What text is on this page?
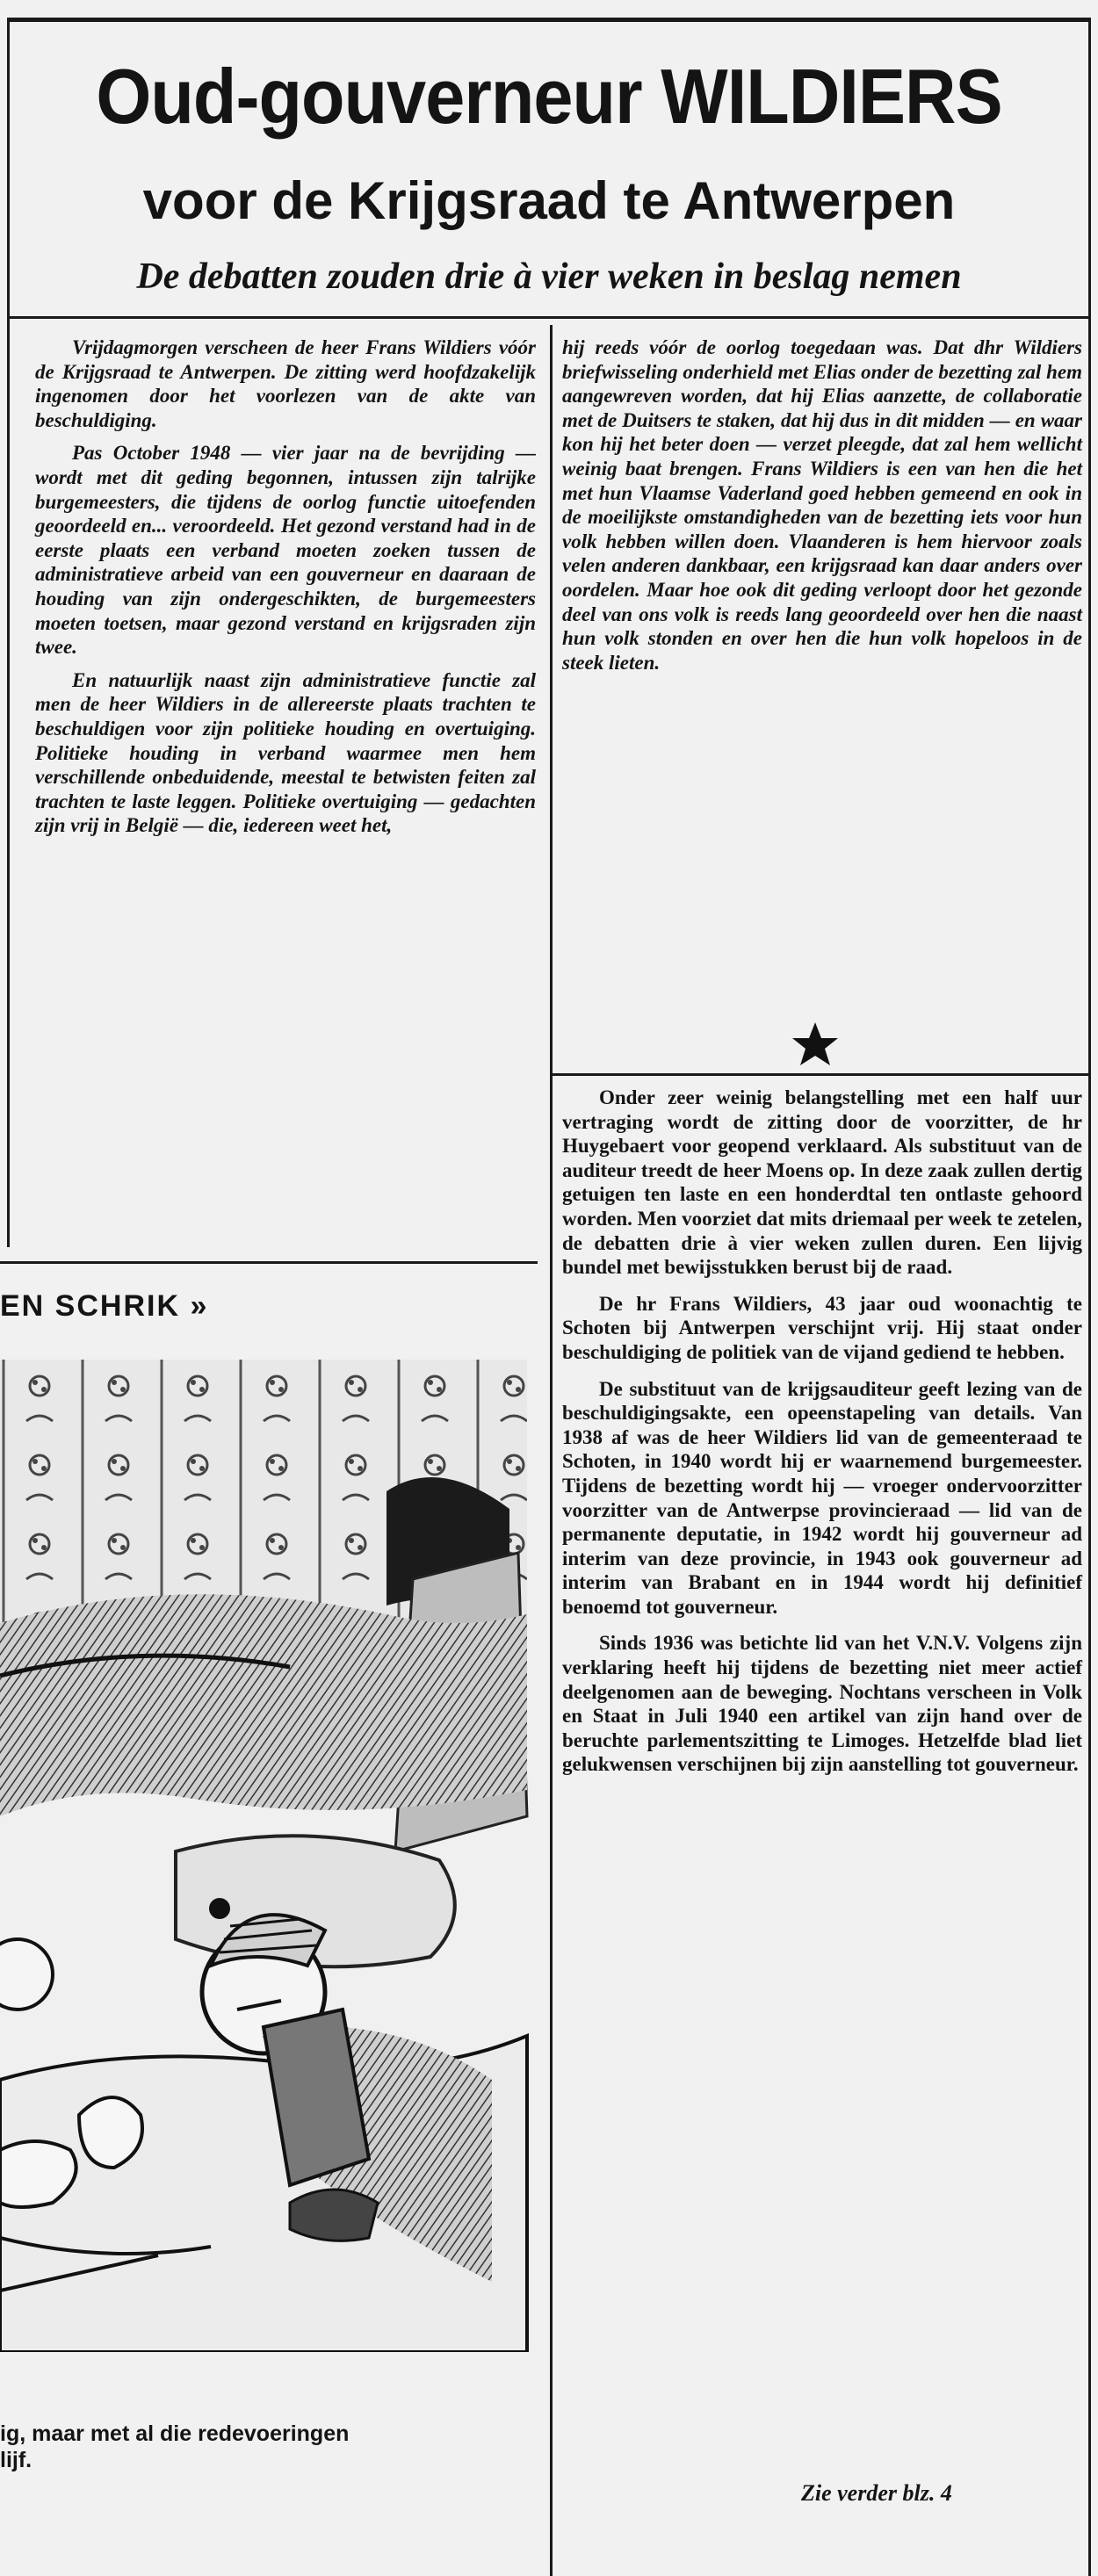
Oud-gouverneur WILDIERS
voor de Krijgsraad te Antwerpen
De debatten zouden drie à vier weken in beslag nemen

Vrijdagmorgen verscheen de heer Frans Wildiers vóór de Krijgsraad te Antwerpen. De zitting werd hoofdzakelijk ingenomen door het voorlezen van de akte van beschuldiging.

Pas October 1948 — vier jaar na de bevrijding — wordt met dit geding begonnen, intussen zijn talrijke burgemeesters, die tijdens de oorlog functie uitoefenden geoordeeld en... veroordeeld. Het gezond verstand had in de eerste plaats een verband moeten zoeken tussen de administratieve arbeid van een gouverneur en daaraan de houding van zijn ondergeschikten, de burgemeesters moeten toetsen, maar gezond verstand en krijgsraden zijn twee.

En natuurlijk naast zijn administratieve functie zal men de heer Wildiers in de allereerste plaats trachten te beschuldigen voor zijn politieke houding en overtuiging. Politieke houding in verband waarmee men hem verschillende onbeduidende, meestal te betwisten feiten zal trachten te laste leggen. Politieke overtuiging — gedachten zijn vrij in België — die, iedereen weet het,

hij reeds vóór de oorlog toegedaan was. Dat dhr Wildiers briefwisseling onderhield met Elias onder de bezetting zal hem aangewreven worden, dat hij Elias aanzette, de collaboratie met de Duitsers te staken, dat hij dus in dit midden — en waar kon hij het beter doen — verzet pleegde, dat zal hem wellicht weinig baat brengen. Frans Wildiers is een van hen die het met hun Vlaamse Vaderland goed hebben gemeend en ook in de moeilijkste omstandigheden van de bezetting iets voor hun volk hebben willen doen. Vlaanderen is hem hiervoor zoals velen anderen dankbaar, een krijgsraad kan daar anders over oordelen. Maar hoe ook dit geding verloopt door het gezonde deel van ons volk is reeds lang geoordeeld over hen die naast hun volk stonden en over hen die hun volk hopeloos in de steek lieten.

Onder zeer weinig belangstelling met een half uur vertraging wordt de zitting door de voorzitter, de hr Huygebaert voor geopend verklaard. Als substituut van de auditeur treedt de heer Moens op. In deze zaak zullen dertig getuigen ten laste en een honderdtal ten ontlaste gehoord worden. Men voorziet dat mits driemaal per week te zetelen, de debatten drie à vier weken zullen duren. Een lijvig bundel met bewijsstukken berust bij de raad.

De hr Frans Wildiers, 43 jaar oud woonachtig te Schoten bij Antwerpen verschijnt vrij. Hij staat onder beschuldiging de politiek van de vijand gediend te hebben.

De substituut van de krijgsauditeur geeft lezing van de beschuldigingsakte, een opeenstapeling van details. Van 1938 af was de heer Wildiers lid van de gemeenteraad te Schoten, in 1940 wordt hij er waarnemend burgemeester. Tijdens de bezetting wordt hij — vroeger ondervoorzitter voorzitter van de Antwerpse provincieraad — lid van de permanente deputatie, in 1942 wordt hij gouverneur ad interim van deze provincie, in 1943 ook gouverneur ad interim van Brabant en in 1944 wordt hij definitief benoemd tot gouverneur.

Sinds 1936 was betichte lid van het V.N.V. Volgens zijn verklaring heeft hij tijdens de bezetting niet meer actief deelgenomen aan de beweging. Nochtans verscheen in Volk en Staat in Juli 1940 een artikel van zijn hand over de beruchte parlementszitting te Limoges. Hetzelfde blad liet gelukwensen verschijnen bij zijn aanstelling tot gouverneur.

Zie verder blz. 4
EN SCHRIK »
ig, maar met al die redevoeringen
lijf.
